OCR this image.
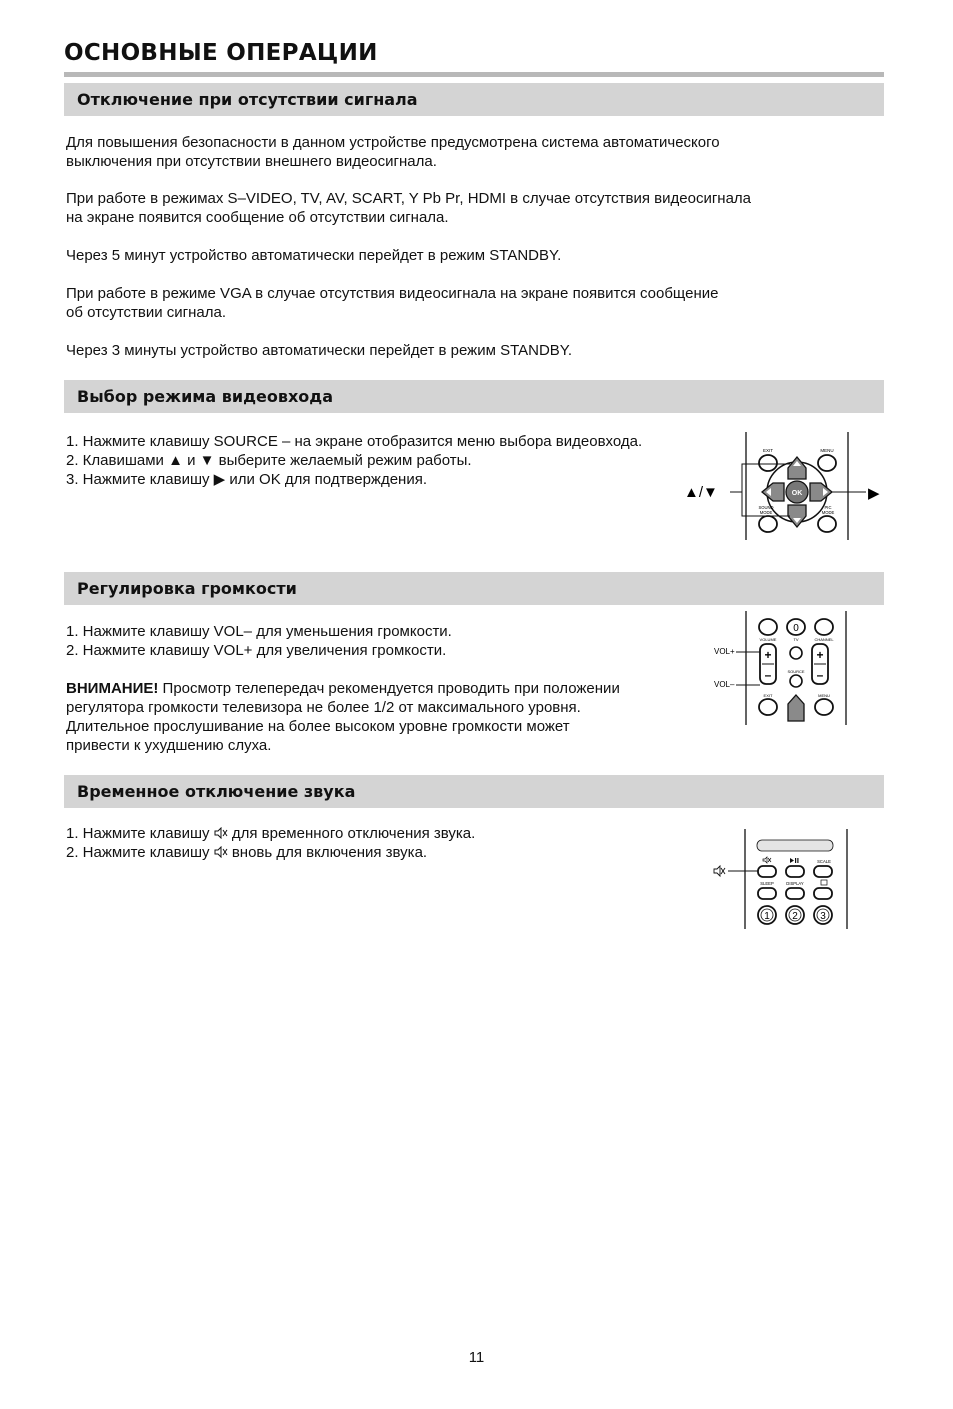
ОСНОВНЫЕ ОПЕРАЦИИ
Отключение при отсутствии сигнала

Для повышения безопасности в данном устройстве предусмотрена система автоматического
выключения при отсутствии внешнего видеосигнала.

При работе в режимах S–VIDEO, TV, AV, SCART, Y Pb Pr, HDMI в случае отсутствия видеосигнала
на экране появится сообщение об отсутствии сигнала.

Через 5 минут устройство автоматически перейдет в режим STANDBY.

При работе в режиме VGA в случае отсутствия видеосигнала на экране появится сообщение
об отсутствии сигнала.

Через 3 минуты устройство автоматически перейдет в режим STANDBY.

Выбор режима видеовхода

1. Нажмите клавишу SOURCE – на экране отобразится меню выбора видеовхода.
2. Клавишами ▲ и ▼ выберите желаемый режим работы.
3. Нажмите клавишу ▶ или OK для подтверждения.

EXIT	MENU
OK
SOUND
MODE
PIC
MODE
▲/▼	▶
Регулировка громкости

1. Нажмите клавишу VOL– для уменьшения громкости.
2. Нажмите клавишу VOL+ для увеличения громкости.

ВНИМАНИЕ! Просмотр телепередач рекомендуется проводить при положении
регулятора громкости телевизора не более 1/2 от максимального уровня.
Длительное прослушивание на более высоком уровне громкости может
привести к ухудшению слуха.

0
VOLUME	TV	CHANNEL
+
–
+
–
SOURCE
EXIT	MENU
VOL+
VOL–
Временное отключение звука

1. Нажмите клавишу  для временного отключения звука.
2. Нажмите клавишу  вновь для включения звука.

SCALE
SLEEP	DISPLAY
1 2 3
11
